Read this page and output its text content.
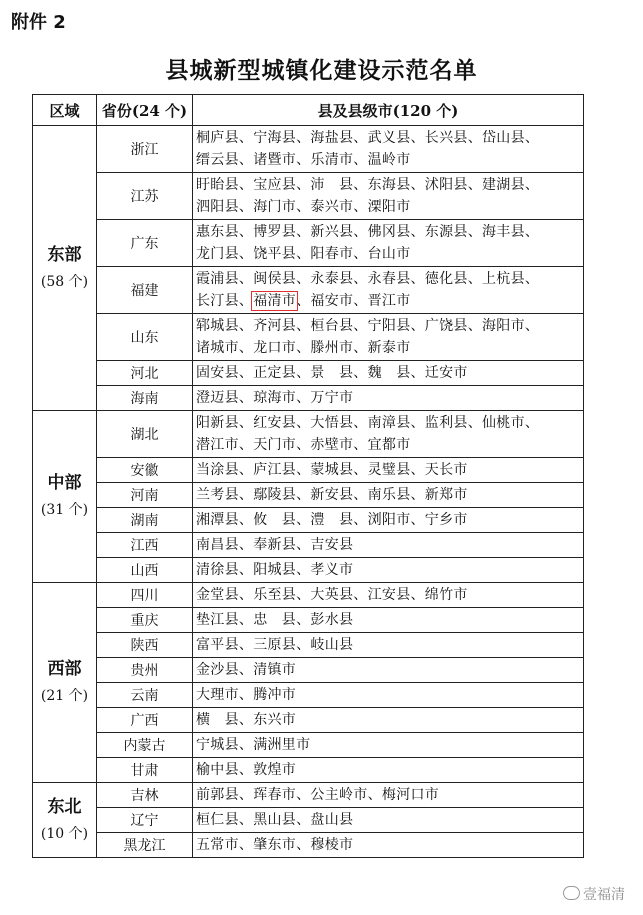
附件 2
县城新型城镇化建设示范名单
区域	省份(24 个)	县及县级市(120 个)
东部
(58 个)	浙江	桐庐县、宁海县、海盐县、武义县、长兴县、岱山县、
缙云县、诸暨市、乐清市、温岭市
	江苏	盱眙县、宝应县、沛　县、东海县、沭阳县、建湖县、
泗阳县、海门市、泰兴市、溧阳市
	广东	惠东县、博罗县、新兴县、佛冈县、东源县、海丰县、
龙门县、饶平县、阳春市、台山市
	福建	霞浦县、闽侯县、永泰县、永春县、德化县、上杭县、
长汀县、福清市、福安市、晋江市
	山东	郓城县、齐河县、桓台县、宁阳县、广饶县、海阳市、
诸城市、龙口市、滕州市、新泰市
	河北	固安县、正定县、景　县、魏　县、迁安市
	海南	澄迈县、琼海市、万宁市
中部
(31 个)	湖北	阳新县、红安县、大悟县、南漳县、监利县、仙桃市、
潜江市、天门市、赤壁市、宜都市
	安徽	当涂县、庐江县、蒙城县、灵璧县、天长市
	河南	兰考县、鄢陵县、新安县、南乐县、新郑市
	湖南	湘潭县、攸　县、澧　县、浏阳市、宁乡市
	江西	南昌县、奉新县、吉安县
	山西	清徐县、阳城县、孝义市
西部
(21 个)	四川	金堂县、乐至县、大英县、江安县、绵竹市
	重庆	垫江县、忠　县、彭水县
	陕西	富平县、三原县、岐山县
	贵州	金沙县、清镇市
	云南	大理市、腾冲市
	广西	横　县、东兴市
	内蒙古	宁城县、满洲里市
	甘肃	榆中县、敦煌市
东北
(10 个)	吉林	前郭县、珲春市、公主岭市、梅河口市
	辽宁	桓仁县、黑山县、盘山县
	黑龙江	五常市、肇东市、穆棱市
壹福清
